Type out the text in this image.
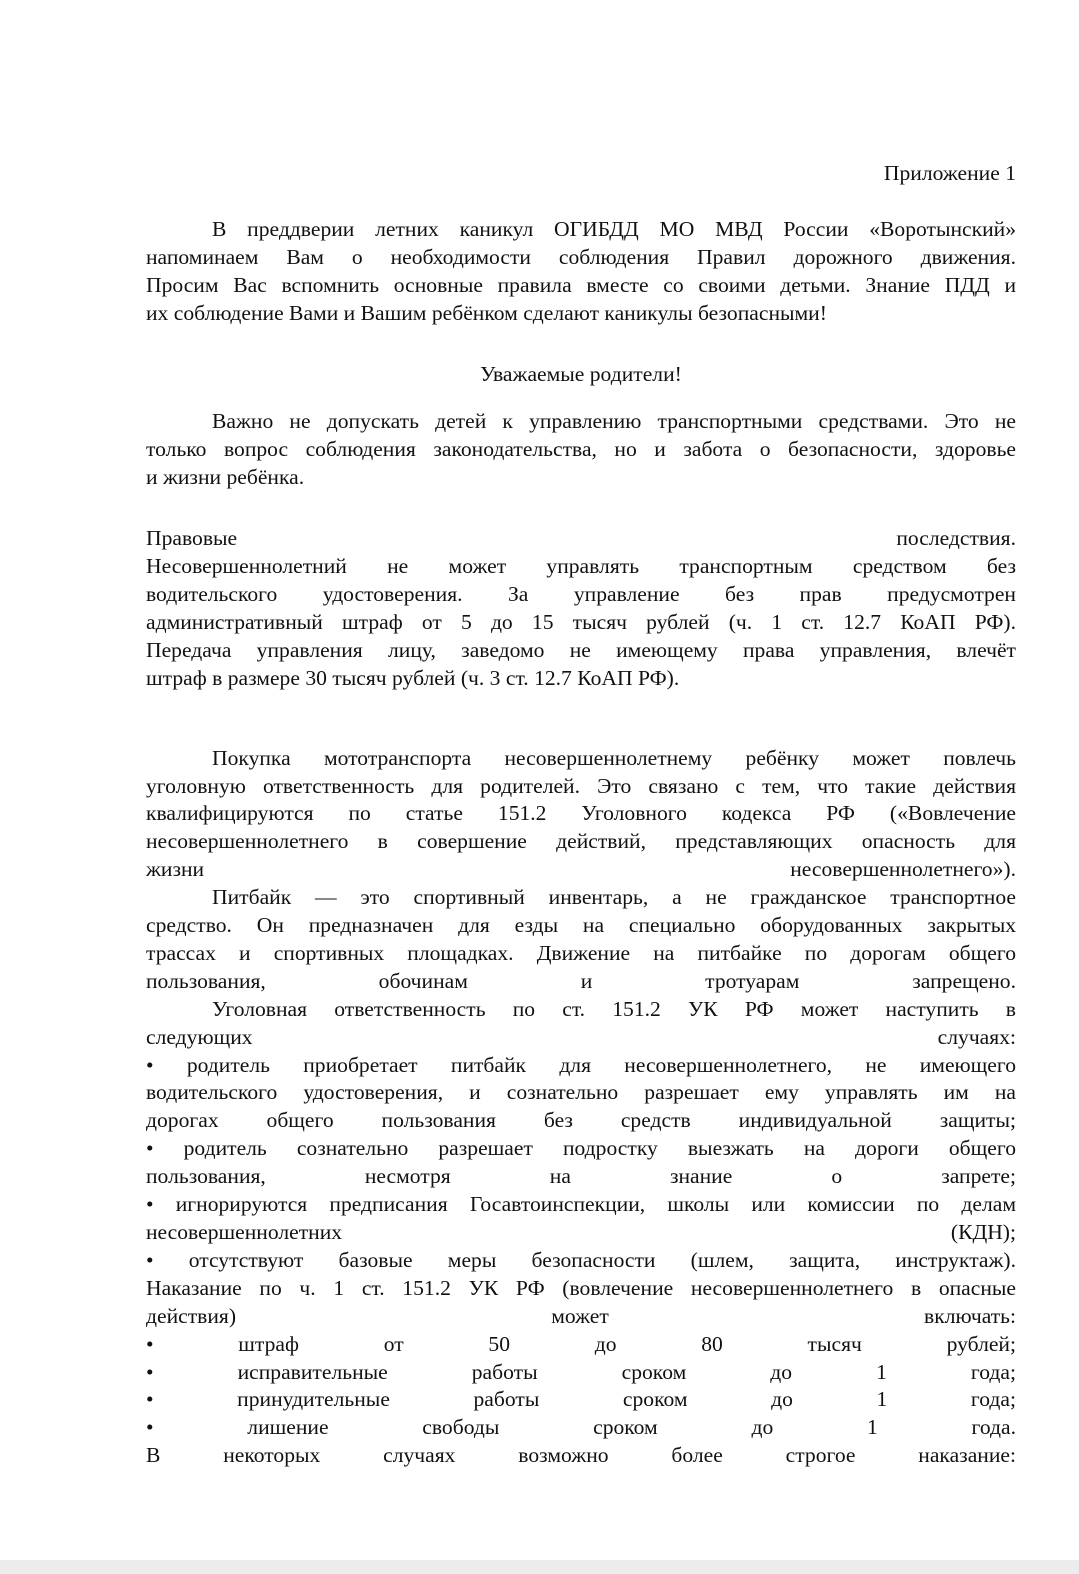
Приложение 1
В преддверии летних каникул ОГИБДД МО МВД России «Воротынский»
напоминаем Вам о необходимости соблюдения Правил дорожного движения.
Просим Вас вспомнить основные правила вместе со своими детьми. Знание ПДД и
их соблюдение Вами и Вашим ребёнком сделают каникулы безопасными!
Уважаемые родители!
Важно не допускать детей к управлению транспортными средствами. Это не
только вопрос соблюдения законодательства, но и забота о безопасности, здоровье
и жизни ребёнка.
Правовые последствия.
Несовершеннолетний не может управлять транспортным средством без
водительского удостоверения. За управление без прав предусмотрен
административный штраф от 5 до 15 тысяч рублей (ч. 1 ст. 12.7 КоАП РФ).
Передача управления лицу, заведомо не имеющему права управления, влечёт
штраф в размере 30 тысяч рублей (ч. 3 ст. 12.7 КоАП РФ).
Покупка мототранспорта несовершеннолетнему ребёнку может повлечь
уголовную ответственность для родителей. Это связано с тем, что такие действия
квалифицируются по статье 151.2 Уголовного кодекса РФ («Вовлечение
несовершеннолетнего в совершение действий, представляющих опасность для
жизни несовершеннолетнего»).
Питбайк — это спортивный инвентарь, а не гражданское транспортное
средство. Он предназначен для езды на специально оборудованных закрытых
трассах и спортивных площадках. Движение на питбайке по дорогам общего
пользования, обочинам и тротуарам запрещено.
Уголовная ответственность по ст. 151.2 УК РФ может наступить в
следующих случаях:
• родитель приобретает питбайк для несовершеннолетнего, не имеющего
водительского удостоверения, и сознательно разрешает ему управлять им на
дорогах общего пользования без средств индивидуальной защиты;
• родитель сознательно разрешает подростку выезжать на дороги общего
пользования, несмотря на знание о запрете;
• игнорируются предписания Госавтоинспекции, школы или комиссии по делам
несовершеннолетних (КДН);
• отсутствуют базовые меры безопасности (шлем, защита, инструктаж).
Наказание по ч. 1 ст. 151.2 УК РФ (вовлечение несовершеннолетнего в опасные
действия) может включать:
• штраф от 50 до 80 тысяч рублей;
• исправительные работы сроком до 1 года;
• принудительные работы сроком до 1 года;
• лишение свободы сроком до 1 года.
В некоторых случаях возможно более строгое наказание:
